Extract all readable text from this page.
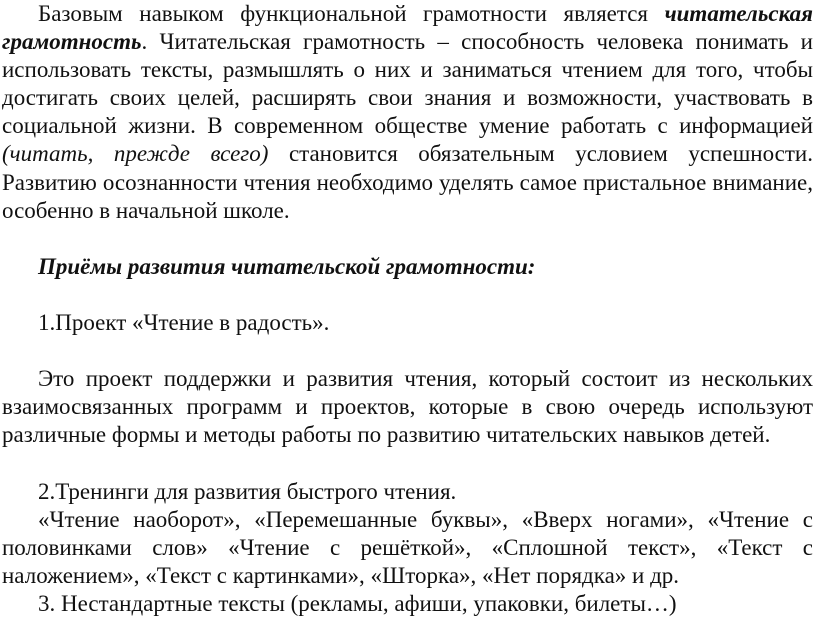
Базовым навыком функциональной грамотности является читательская грамотность. Читательская грамотность – способность человека понимать и использовать тексты, размышлять о них и заниматься чтением для того, чтобы достигать своих целей, расширять свои знания и возможности, участвовать в социальной жизни. В современном обществе умение работать с информацией (читать, прежде всего) становится обязательным условием успешности. Развитию осознанности чтения необходимо уделять самое пристальное внимание, особенно в начальной школе.

Приёмы развития читательской грамотности:

1.Проект «Чтение в радость».

Это проект поддержки и развития чтения, который состоит из нескольких взаимосвязанных программ и проектов, которые в свою очередь используют различные формы и методы работы по развитию читательских навыков детей.

2.Тренинги для развития быстрого чтения.

«Чтение наоборот», «Перемешанные буквы», «Вверх ногами», «Чтение с половинками слов» «Чтение с решёткой», «Сплошной текст», «Текст с наложением», «Текст с картинками», «Шторка», «Нет порядка» и др.

3. Нестандартные тексты (рекламы, афиши, упаковки, билеты…)
